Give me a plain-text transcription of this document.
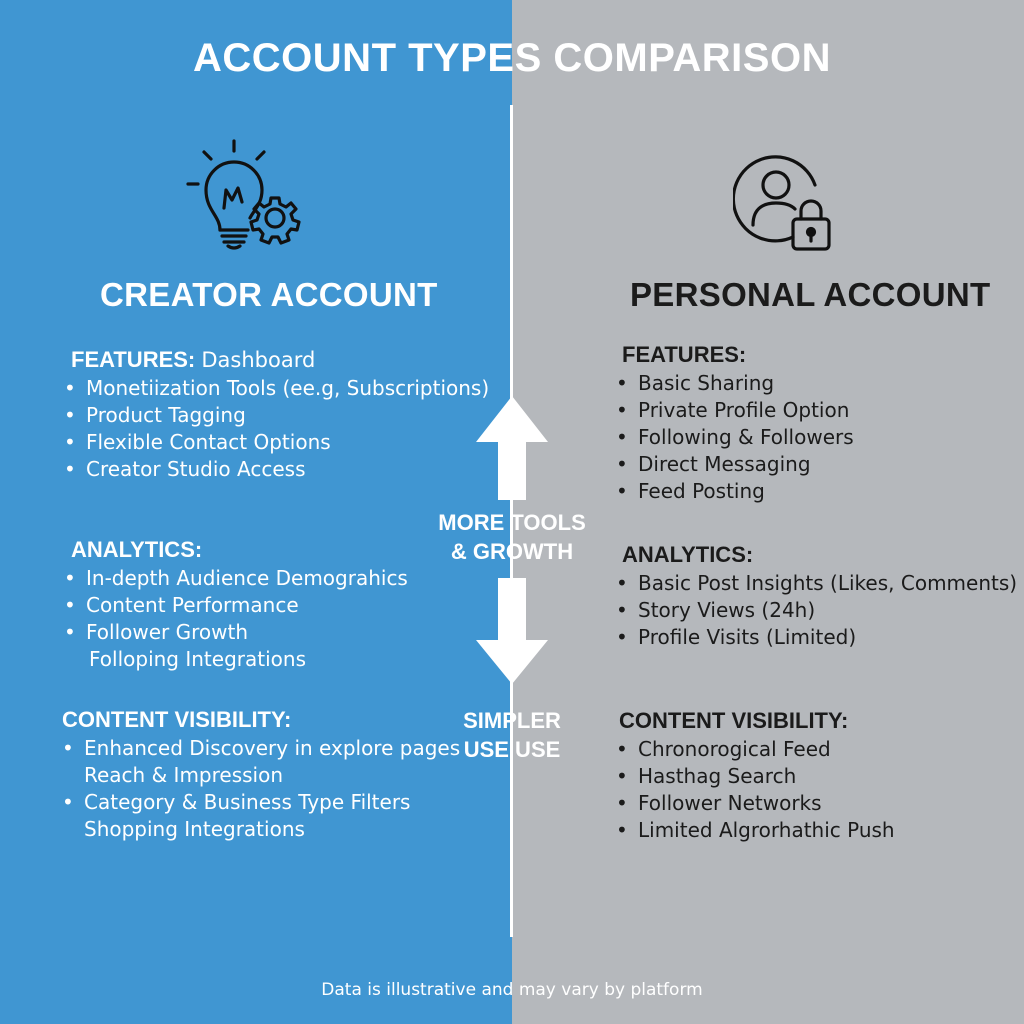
ACCOUNT TYPES COMPARISON
CREATOR ACCOUNT	PERSONAL ACCOUNT
FEATURES: Dashboard
• Monetiization Tools (ee.g, Subscriptions)
• Product Tagging
• Flexible Contact Options
• Creator Studio Access
ANALYTICS:
• In-depth Audience Demograhics
• Content Performance
• Follower Growth
Folloping Integrations
CONTENT VISIBILITY:
• Enhanced Discovery in explore pages
Reach & Impression
• Category & Business Type Filters
Shopping Integrations
FEATURES:
• Basic Sharing
• Private Profile Option
• Following & Followers
• Direct Messaging
• Feed Posting
ANALYTICS:
• Basic Post Insights (Likes, Comments)
• Story Views (24h)
• Profile Visits (Limited)
CONTENT VISIBILITY:
• Chronorogical Feed
• Hasthag Search
• Follower Networks
• Limited Algrorhathic Push
MORE TOOLS
& GROWTH
SIMPLER
USE USE
Data is illustrative and may vary by platform
